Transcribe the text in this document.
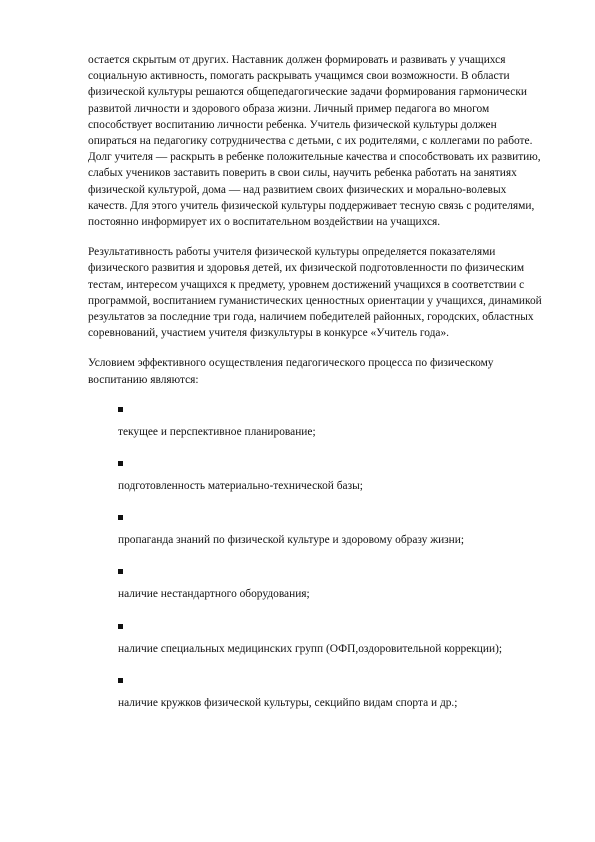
остается скрытым от других. Наставник должен формировать и развивать у учащихся социальную активность, помогать раскрывать учащимся свои возможности. В области физической культуры решаются общепедагогические задачи формирования гармонически развитой личности и здорового образа жизни. Личный пример педагога во многом способствует воспитанию личности ребенка. Учитель физической культуры должен опираться на педагогику сотрудничества с детьми, с их родителями, с коллегами по работе. Долг учителя — раскрыть в ребенке положительные качества и способствовать их развитию, слабых учеников заставить поверить в свои силы, научить ребенка работать на занятиях физической культурой, дома — над развитием своих физических и морально-волевых качеств. Для этого учитель физической культуры поддерживает тесную связь с родителями, постоянно информирует их о воспитательном воздействии на учащихся.

Результативность работы учителя физической культуры определяется показателями физического развития и здоровья детей, их физической подготовленности по физическим тестам, интересом учащихся к предмету, уровнем достижений учащихся в соответствии с программой, воспитанием гуманистических ценностных ориентации у учащихся, динамикой результатов за последние три года, наличием победителей районных, городских, областных соревнований, участием учителя физкультуры в конкурсе «Учитель года».

Условием эффективного осуществления педагогического процесса по физическому воспитанию являются:

текущее и перспективное планирование;
подготовленность материально-технической базы;
пропаганда знаний по физической культуре и здоровому образу жизни;
наличие нестандартного оборудования;
наличие специальных медицинских групп (ОФП,оздоровительной коррекции);
наличие кружков физической культуры, секцийпо видам спорта и др.;
